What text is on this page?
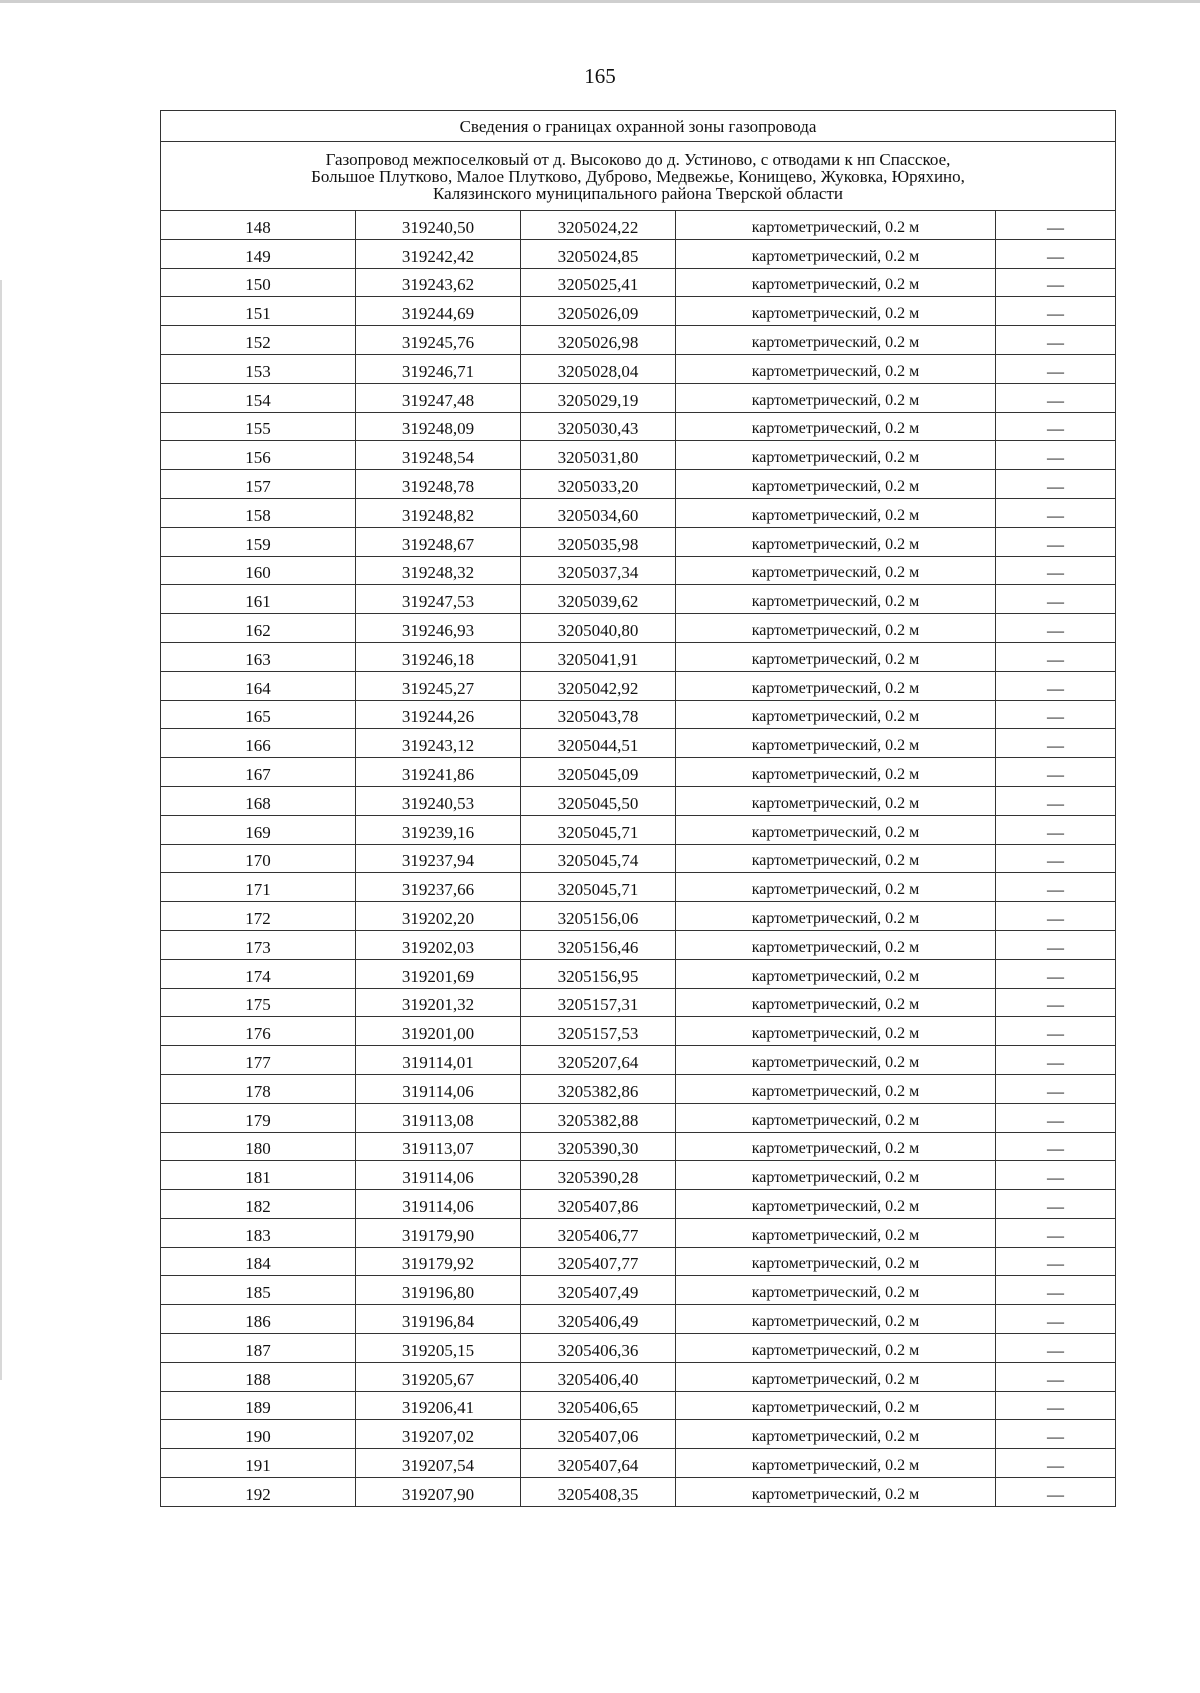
165
Сведения о границах охранной зоны газопровода				

Газопровод межпоселковый от д. Высоково до д. Устиново, с отводами к нп Спасское,
Большое Плутково, Малое Плутково, Дуброво, Медвежье, Конищево, Жуковка, Юряхино,
Калязинского муниципального района Тверской области				

148	319240,50	3205024,22	картометрический, 0.2 м	—
149	319242,42	3205024,85	картометрический, 0.2 м	—
150	319243,62	3205025,41	картометрический, 0.2 м	—
151	319244,69	3205026,09	картометрический, 0.2 м	—
152	319245,76	3205026,98	картометрический, 0.2 м	—
153	319246,71	3205028,04	картометрический, 0.2 м	—
154	319247,48	3205029,19	картометрический, 0.2 м	—
155	319248,09	3205030,43	картометрический, 0.2 м	—
156	319248,54	3205031,80	картометрический, 0.2 м	—
157	319248,78	3205033,20	картометрический, 0.2 м	—
158	319248,82	3205034,60	картометрический, 0.2 м	—
159	319248,67	3205035,98	картометрический, 0.2 м	—
160	319248,32	3205037,34	картометрический, 0.2 м	—
161	319247,53	3205039,62	картометрический, 0.2 м	—
162	319246,93	3205040,80	картометрический, 0.2 м	—
163	319246,18	3205041,91	картометрический, 0.2 м	—
164	319245,27	3205042,92	картометрический, 0.2 м	—
165	319244,26	3205043,78	картометрический, 0.2 м	—
166	319243,12	3205044,51	картометрический, 0.2 м	—
167	319241,86	3205045,09	картометрический, 0.2 м	—
168	319240,53	3205045,50	картометрический, 0.2 м	—
169	319239,16	3205045,71	картометрический, 0.2 м	—
170	319237,94	3205045,74	картометрический, 0.2 м	—
171	319237,66	3205045,71	картометрический, 0.2 м	—
172	319202,20	3205156,06	картометрический, 0.2 м	—
173	319202,03	3205156,46	картометрический, 0.2 м	—
174	319201,69	3205156,95	картометрический, 0.2 м	—
175	319201,32	3205157,31	картометрический, 0.2 м	—
176	319201,00	3205157,53	картометрический, 0.2 м	—
177	319114,01	3205207,64	картометрический, 0.2 м	—
178	319114,06	3205382,86	картометрический, 0.2 м	—
179	319113,08	3205382,88	картометрический, 0.2 м	—
180	319113,07	3205390,30	картометрический, 0.2 м	—
181	319114,06	3205390,28	картометрический, 0.2 м	—
182	319114,06	3205407,86	картометрический, 0.2 м	—
183	319179,90	3205406,77	картометрический, 0.2 м	—
184	319179,92	3205407,77	картометрический, 0.2 м	—
185	319196,80	3205407,49	картометрический, 0.2 м	—
186	319196,84	3205406,49	картометрический, 0.2 м	—
187	319205,15	3205406,36	картометрический, 0.2 м	—
188	319205,67	3205406,40	картометрический, 0.2 м	—
189	319206,41	3205406,65	картометрический, 0.2 м	—
190	319207,02	3205407,06	картометрический, 0.2 м	—
191	319207,54	3205407,64	картометрический, 0.2 м	—
192	319207,90	3205408,35	картометрический, 0.2 м	—
